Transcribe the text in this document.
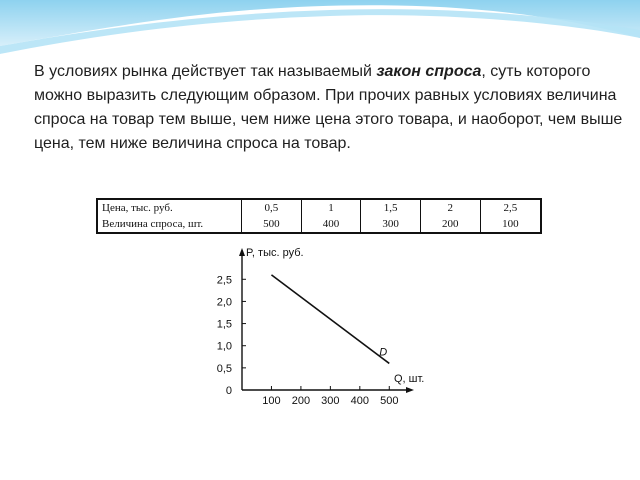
В условиях рынка действует так называемый закон спроса, суть которого можно выразить следующим образом. При прочих равных условиях величина спроса на товар тем выше, чем ниже цена этого товара, и наоборот, чем выше цена, тем ниже величина спроса на товар.
Цена, тыс. руб.	0,5	1	1,5	2	2,5
Величина спроса, шт.	500	400	300	200	100
100 200 300 400 500
0
0,5
1,0
1,5
2,0
2,5
Q, шт.
P, тыс. руб.
D
